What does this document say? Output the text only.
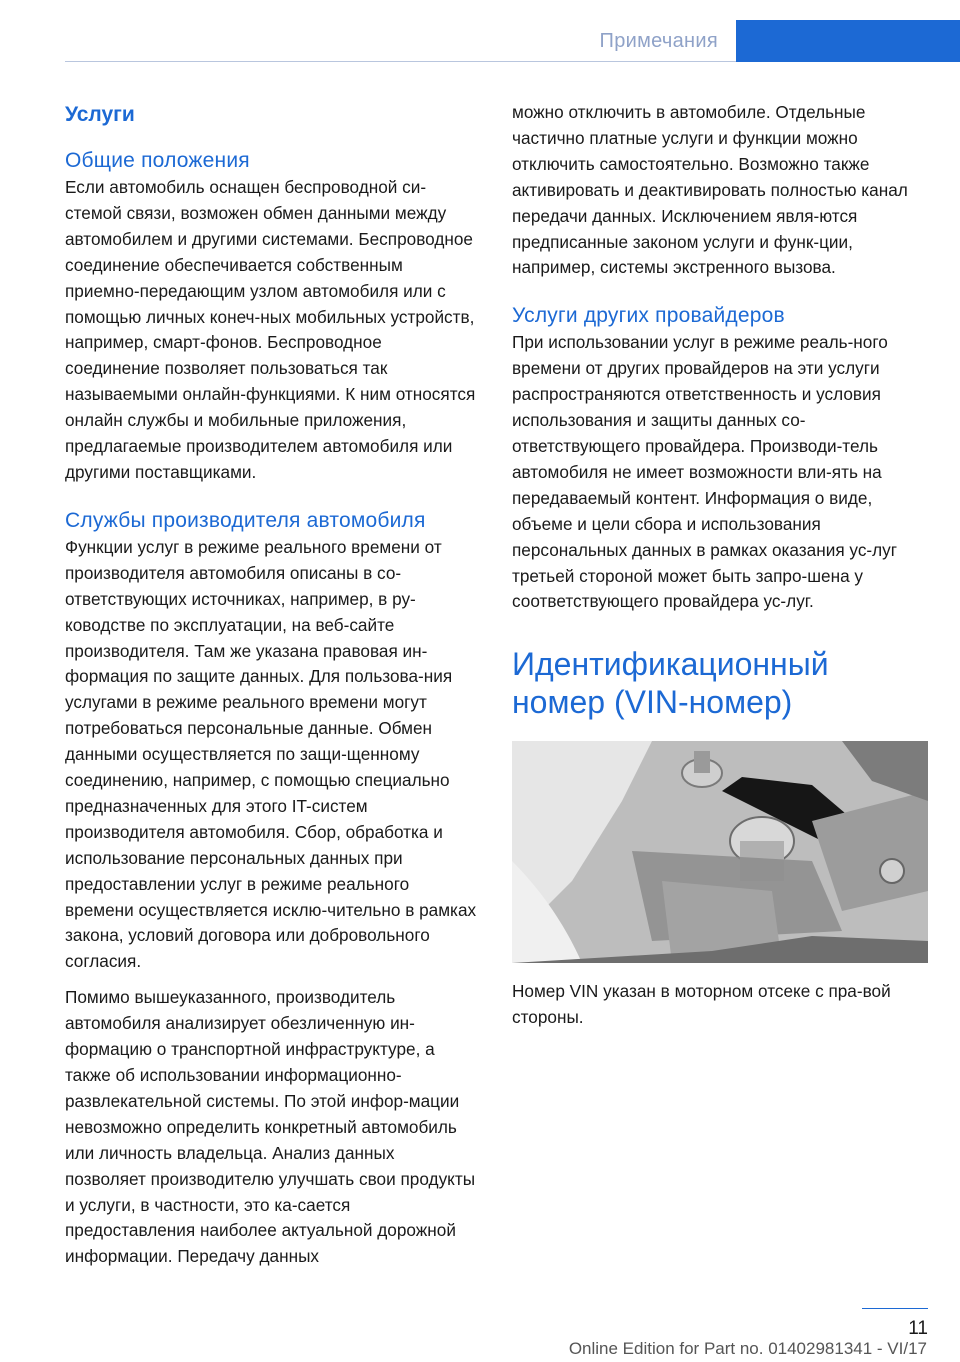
Примечания
Услуги
Общие положения

Если автомобиль оснащен беспроводной си-стемой связи, возможен обмен данными между автомобилем и другими системами. Беспроводное соединение обеспечивается собственным приемно-передающим узлом автомобиля или с помощью личных конеч-ных мобильных устройств, например, смарт-фонов. Беспроводное соединение позволяет пользоваться так называемыми онлайн-функциями. К ним относятся онлайн службы и мобильные приложения, предлагаемые производителем автомобиля или другими поставщиками.

Службы производителя автомобиля

Функции услуг в режиме реального времени от производителя автомобиля описаны в со-ответствующих источниках, например, в ру-ководстве по эксплуатации, на веб-сайте производителя. Там же указана правовая ин-формация по защите данных. Для пользова-ния услугами в режиме реального времени могут потребоваться персональные данные. Обмен данными осуществляется по защи-щенному соединению, например, с помощью специально предназначенных для этого IT-систем производителя автомобиля. Сбор, обработка и использование персональных данных при предоставлении услуг в режиме реального времени осуществляется исклю-чительно в рамках закона, условий договора или добровольного согласия.

Помимо вышеуказанного, производитель автомобиля анализирует обезличенную ин-формацию о транспортной инфраструктуре, а также об использовании информационно-развлекательной системы. По этой инфор-мации невозможно определить конкретный автомобиль или личность владельца. Анализ данных позволяет производителю улучшать свои продукты и услуги, в частности, это ка-сается предоставления наиболее актуальной дорожной информации. Передачу данных

можно отключить в автомобиле. Отдельные частично платные услуги и функции можно отключить самостоятельно. Возможно также активировать и деактивировать полностью канал передачи данных. Исключением явля-ются предписанные законом услуги и функ-ции, например, системы экстренного вызова.

Услуги других провайдеров

При использовании услуг в режиме реаль-ного времени от других провайдеров на эти услуги распространяются ответственность и условия использования и защиты данных со-ответствующего провайдера. Производи-тель автомобиля не имеет возможности вли-ять на передаваемый контент. Информация о виде, объеме и цели сбора и использования персональных данных в рамках оказания ус-луг третьей стороной может быть запро-шена у соответствующего провайдера ус-луг.

Идентификационный номер (VIN-номер)

Номер VIN указан в моторном отсеке с пра-вой стороны.

11
Online Edition for Part no. 01402981341 - VI/17
